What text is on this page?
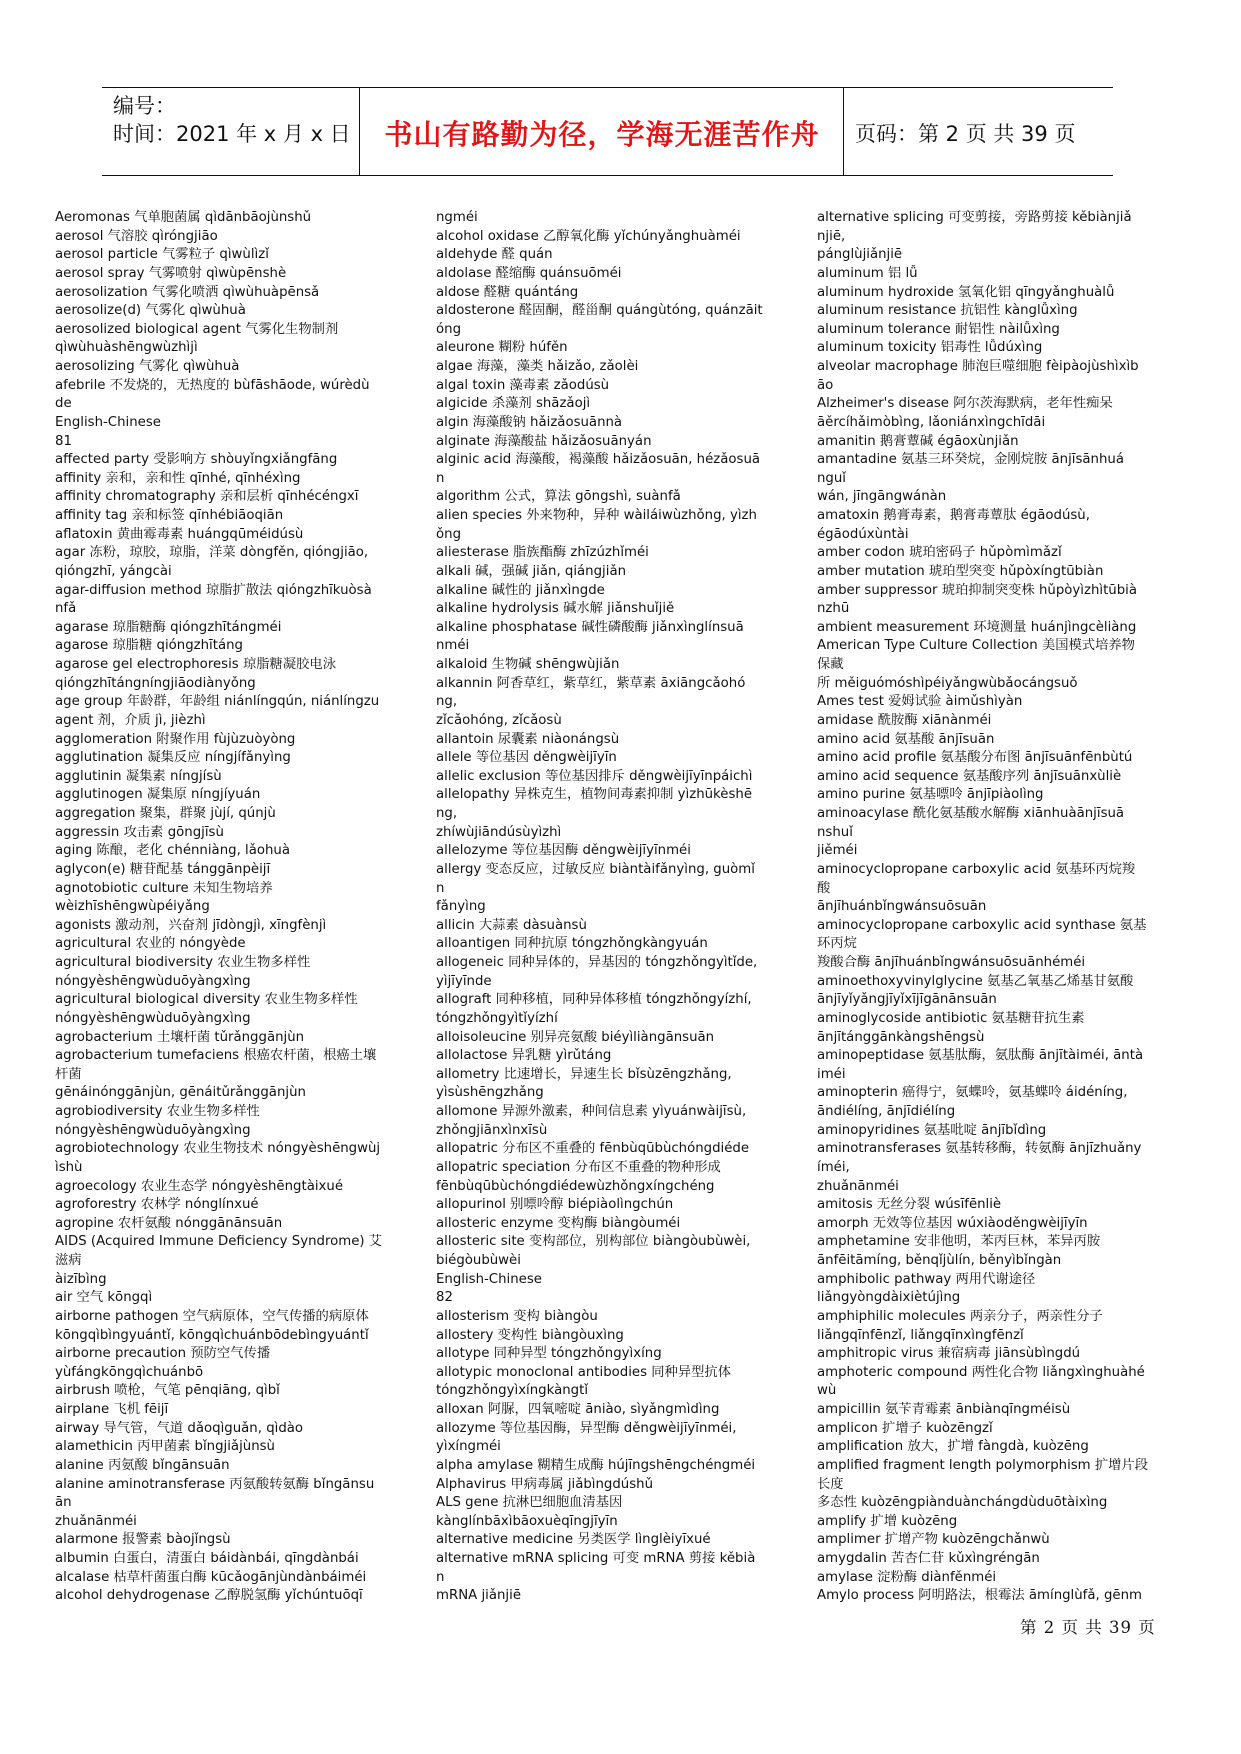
编号：
时间：2021 年 x 月 x 日	书山有路勤为径，学海无涯苦作舟	页码：第 2 页 共 39 页
Aeromonas 气单胞菌属 qìdānbāojùnshǔ
aerosol 气溶胶 qìróngjiāo
aerosol particle 气雾粒子 qìwùlìzǐ
aerosol spray 气雾喷射 qìwùpēnshè
aerosolization 气雾化喷洒 qìwùhuàpēnsǎ
aerosolize(d) 气雾化 qìwùhuà
aerosolized biological agent 气雾化生物制剂
qìwùhuàshēngwùzhìjì
aerosolizing 气雾化 qìwùhuà
afebrile 不发烧的，无热度的 bùfāshāode, wúrèdù
de
English-Chinese
81
affected party 受影响方 shòuyǐngxiǎngfāng
affinity 亲和，亲和性 qīnhé, qīnhéxìng
affinity chromatography 亲和层析 qīnhécéngxī
affinity tag 亲和标签 qīnhébiāoqiān
aflatoxin 黄曲霉毒素 huángqūméidúsù
agar 冻粉，琼胶，琼脂，洋菜 dòngfěn, qióngjiāo,
qióngzhī, yángcài
agar-diffusion method 琼脂扩散法 qióngzhīkuòsà
nfǎ
agarase 琼脂糖酶 qióngzhītángméi
agarose 琼脂糖 qióngzhītáng
agarose gel electrophoresis 琼脂糖凝胶电泳
qióngzhītángníngjiāodiànyǒng
age group 年龄群，年龄组 niánlíngqún, niánlíngzu
agent 剂，介质 jì, jièzhì
agglomeration 附聚作用 fùjùzuòyòng
agglutination 凝集反应 níngjífǎnyìng
agglutinin 凝集素 níngjísù
agglutinogen 凝集原 níngjíyuán
aggregation 聚集，群聚 jùjí, qúnjù
aggressin 攻击素 gōngjīsù
aging 陈酿，老化 chénniàng, lǎohuà
aglycon(e) 糖苷配基 tánggānpèijī
agnotobiotic culture 未知生物培养
wèizhīshēngwùpéiyǎng
agonists 激动剂，兴奋剂 jīdòngjì, xīngfènjì
agricultural 农业的 nóngyède
agricultural biodiversity 农业生物多样性
nóngyèshēngwùduōyàngxìng
agricultural biological diversity 农业生物多样性
nóngyèshēngwùduōyàngxìng
agrobacterium 土壤杆菌 tǔrǎnggānjùn
agrobacterium tumefaciens 根癌农杆菌，根癌土壤
杆菌
gēnáinónggānjùn, gēnáitǔrǎnggānjùn
agrobiodiversity 农业生物多样性
nóngyèshēngwùduōyàngxìng
agrobiotechnology 农业生物技术 nóngyèshēngwùj
ìshù
agroecology 农业生态学 nóngyèshēngtàixué
agroforestry 农林学 nónglínxué
agropine 农杆氨酸 nónggānānsuān
AIDS (Acquired Immune Deficiency Syndrome) 艾
滋病
àizībìng
air 空气 kōngqì
airborne pathogen 空气病原体，空气传播的病原体
kōngqìbìngyuántǐ, kōngqìchuánbōdebìngyuántǐ
airborne precaution 预防空气传播
yùfángkōngqìchuánbō
airbrush 喷枪，气笔 pēnqiāng, qìbǐ
airplane 飞机 fēijī
airway 导气管，气道 dǎoqìguǎn, qìdào
alamethicin 丙甲菌素 bǐngjiǎjùnsù
alanine 丙氨酸 bǐngānsuān
alanine aminotransferase 丙氨酸转氨酶 bǐngānsu
ān
zhuǎnānméi
alarmone 报警素 bàojǐngsù
albumin 白蛋白，清蛋白 báidànbái, qīngdànbái
alcalase 枯草杆菌蛋白酶 kūcǎogānjùndànbáiméi
alcohol dehydrogenase 乙醇脱氢酶 yǐchúntuōqī
ngméi
alcohol oxidase 乙醇氧化酶 yǐchúnyǎnghuàméi
aldehyde 醛 quán
aldolase 醛缩酶 quánsuōméi
aldose 醛糖 quántáng
aldosterone 醛固酮，醛甾酮 quángùtóng, quánzāit
óng
aleurone 糊粉 húfěn
algae 海藻，藻类 hǎizǎo, zǎolèi
algal toxin 藻毒素 zǎodúsù
algicide 杀藻剂 shāzǎojì
algin 海藻酸钠 hǎizǎosuānnà
alginate 海藻酸盐 hǎizǎosuānyán
alginic acid 海藻酸，褐藻酸 hǎizǎosuān, hézǎosuā
n
algorithm 公式，算法 gōngshì, suànfǎ
alien species 外来物种，异种 wàiláiwùzhǒng, yìzh
ǒng
aliesterase 脂族酯酶 zhīzúzhǐméi
alkali 碱，强碱 jiǎn, qiángjiǎn
alkaline 碱性的 jiǎnxìngde
alkaline hydrolysis 碱水解 jiǎnshuǐjiě
alkaline phosphatase 碱性磷酸酶 jiǎnxìnglínsuā
nméi
alkaloid 生物碱 shēngwùjiǎn
alkannin 阿香草红，紫草红，紫草素 āxiāngcǎohó
ng,
zǐcǎohóng, zǐcǎosù
allantoin 尿囊素 niàonángsù
allele 等位基因 děngwèijīyīn
allelic exclusion 等位基因排斥 děngwèijīyīnpáichì
allelopathy 异株克生，植物间毒素抑制 yìzhūkèshē
ng,
zhíwùjiāndúsùyìzhì
allelozyme 等位基因酶 děngwèijīyīnméi
allergy 变态反应，过敏反应 biàntàifǎnyìng, guòmǐ
n
fǎnyìng
allicin 大蒜素 dàsuànsù
alloantigen 同种抗原 tóngzhǒngkàngyuán
allogeneic 同种异体的，异基因的 tóngzhǒngyìtǐde,
yìjīyīnde
allograft 同种移植，同种异体移植 tóngzhǒngyízhí,
tóngzhǒngyìtǐyízhí
alloisoleucine 别异亮氨酸 biéyìliàngānsuān
allolactose 异乳糖 yìrǔtáng
allometry 比速增长，异速生长 bǐsùzēngzhǎng,
yìsùshēngzhǎng
allomone 异源外激素，种间信息素 yìyuánwàijīsù,
zhǒngjiānxìnxīsù
allopatric 分布区不重叠的 fēnbùqūbùchóngdiéde
allopatric speciation 分布区不重叠的物种形成
fēnbùqūbùchóngdiédewùzhǒngxíngchéng
allopurinol 别嘌呤醇 biépiàolìngchún
allosteric enzyme 变构酶 biàngòuméi
allosteric site 变构部位，别构部位 biàngòubùwèi,
biégòubùwèi
English-Chinese
82
allosterism 变构 biàngòu
allostery 变构性 biàngòuxìng
allotype 同种异型 tóngzhǒngyìxíng
allotypic monoclonal antibodies 同种异型抗体
tóngzhǒngyìxíngkàngtǐ
alloxan 阿脲，四氧嘧啶 āniào, sìyǎngmìdìng
allozyme 等位基因酶，异型酶 děngwèijīyīnméi,
yìxíngméi
alpha amylase 糊精生成酶 hújīngshēngchéngméi
Alphavirus 甲病毒属 jiǎbìngdúshǔ
ALS gene 抗淋巴细胞血清基因
kànglínbāxìbāoxuèqīngjīyīn
alternative medicine 另类医学 lìnglèiyīxué
alternative mRNA splicing 可变 mRNA 剪接 kěbià
n
mRNA jiǎnjiē
alternative splicing 可变剪接，旁路剪接 kěbiànjiǎ
njiē,
pánglùjiǎnjiē
aluminum 铝 lǚ
aluminum hydroxide 氢氧化铝 qīngyǎnghuàlǚ
aluminum resistance 抗铝性 kànglǚxìng
aluminum tolerance 耐铝性 nàilǚxìng
aluminum toxicity 铝毒性 lǚdúxìng
alveolar macrophage 肺泡巨噬细胞 fèipàojùshìxìb
āo
Alzheimer's disease 阿尔茨海默病，老年性痴呆
āěrcíhǎimòbìng, lǎoniánxìngchīdāi
amanitin 鹅膏蕈碱 égāoxùnjiǎn
amantadine 氨基三环癸烷，金刚烷胺 ānjīsānhuá
nguǐ
wán, jīngāngwánàn
amatoxin 鹅膏毒素，鹅膏毒蕈肽 égāodúsù,
égāodúxùntài
amber codon 琥珀密码子 hǔpòmìmǎzǐ
amber mutation 琥珀型突变 hǔpòxíngtūbiàn
amber suppressor 琥珀抑制突变株 hǔpòyìzhìtūbià
nzhū
ambient measurement 环境测量 huánjìngcèliàng
American Type Culture Collection 美国模式培养物
保藏
所 měiguómóshìpéiyǎngwùbǎocángsuǒ
Ames test 爱姆试验 àimǔshìyàn
amidase 酰胺酶 xiānànméi
amino acid 氨基酸 ānjīsuān
amino acid profile 氨基酸分布图 ānjīsuānfēnbùtú
amino acid sequence 氨基酸序列 ānjīsuānxùliè
amino purine 氨基嘌呤 ānjīpiàolìng
aminoacylase 酰化氨基酸水解酶 xiānhuàānjīsuā
nshuǐ
jiěméi
aminocyclopropane carboxylic acid 氨基环丙烷羧
酸
ānjīhuánbǐngwánsuōsuān
aminocyclopropane carboxylic acid synthase 氨基
环丙烷
羧酸合酶 ānjīhuánbǐngwánsuōsuānhéméi
aminoethoxyvinylglycine 氨基乙氧基乙烯基甘氨酸
ānjīyǐyǎngjīyǐxījīgānānsuān
aminoglycoside antibiotic 氨基糖苷抗生素
ānjītánggānkàngshēngsù
aminopeptidase 氨基肽酶，氨肽酶 ānjītàiméi, āntà
iméi
aminopterin 癌得宁，氨蝶呤，氨基蝶呤 áidéníng,
āndiélíng, ānjīdiélíng
aminopyridines 氨基吡啶 ānjībǐdìng
aminotransferases 氨基转移酶，转氨酶 ānjīzhuǎny
íméi,
zhuǎnānméi
amitosis 无丝分裂 wúsīfēnliè
amorph 无效等位基因 wúxiàoděngwèijīyīn
amphetamine 安非他明，苯丙巨林，苯异丙胺
ānfēitāmíng, běnqǐjùlín, běnyìbǐngàn
amphibolic pathway 两用代谢途径
liǎngyòngdàixiètújìng
amphiphilic molecules 两亲分子，两亲性分子
liǎngqīnfēnzǐ, liǎngqīnxìngfēnzǐ
amphitropic virus 兼宿病毒 jiānsùbìngdú
amphoteric compound 两性化合物 liǎngxìnghuàhé
wù
ampicillin 氨苄青霉素 ānbiànqīngméisù
amplicon 扩增子 kuòzēngzǐ
amplification 放大，扩增 fàngdà, kuòzēng
amplified fragment length polymorphism 扩增片段
长度
多态性 kuòzēngpiànduànchángdùduōtàixìng
amplify 扩增 kuòzēng
amplimer 扩增产物 kuòzēngchǎnwù
amygdalin 苦杏仁苷 kǔxìngréngān
amylase 淀粉酶 diànfěnméi
Amylo process 阿明路法，根霉法 āmínglùfǎ, gēnm
第 2 页 共 39 页
